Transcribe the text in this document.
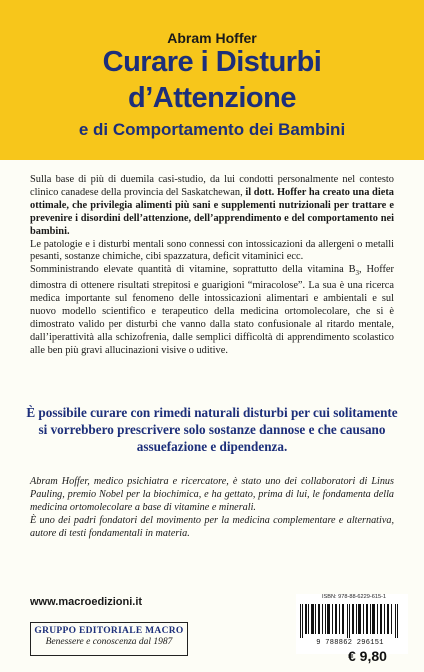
Abram Hoffer
Curare i Disturbi
d’Attenzione
e di Comportamento dei Bambini

Sulla base di più di duemila casi-studio, da lui condotti personalmente nel contesto clinico canadese della provincia del Saskatchewan, il dott. Hoffer ha creato una dieta ottimale, che privilegia alimenti più sani e supplementi nutrizionali per trattare e prevenire i disordini dell’attenzione, dell’apprendimento e del comportamento nei bambini.

Le patologie e i disturbi mentali sono connessi con intossicazioni da allergeni o metalli pesanti, sostanze chimiche, cibi spazzatura, deficit vitaminici ecc.

Somministrando elevate quantità di vitamine, soprattutto della vitamina $B_3$, Hoffer dimostra di ottenere risultati strepitosi e guarigioni “miracolose”. La sua è una ricerca medica importante sul fenomeno delle intossicazioni alimentari e ambientali e sul nuovo modello scientifico e terapeutico della medicina ortomolecolare, che si è dimostrato valido per disturbi che vanno dalla stato confusionale al ritardo mentale, dall’iperattività alla schizofrenia, dalle semplici difficoltà di apprendimento scolastico alle ben più gravi allucinazioni visive o uditive.

È possibile curare con rimedi naturali disturbi per cui solitamente si vorrebbero prescrivere solo sostanze dannose e che causano assuefazione e dipendenza.

Abram Hoffer, medico psichiatra e ricercatore, è stato uno dei collaboratori di Linus Pauling, premio Nobel per la biochimica, e ha gettato, prima di lui, le fondamenta della medicina ortomolecolare a base di vitamine e minerali.

È uno dei padri fondatori del movimento per la medicina complementare e alternativa, autore di testi fondamentali in materia.

www.macroedizioni.it
GRUPPO EDITORIALE MACRO
Benessere e conoscenza dal 1987
ISBN: 978-88-6229-615-1
9 788862 296151
€ 9,80
